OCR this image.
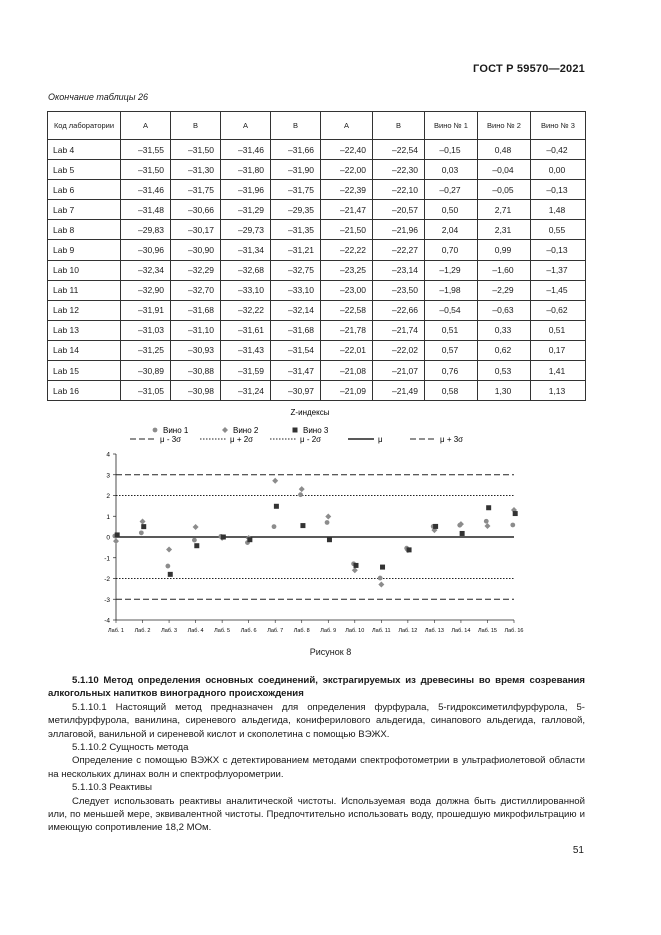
ГОСТ Р 59570—2021
Окончание таблицы 26
Код лаборатории	A	B	A	B	A	B	Вино № 1	Вино № 2	Вино № 3
Lab 4	–31,55	–31,50	–31,46	–31,66	–22,40	–22,54	–0,15	0,48	–0,42
Lab 5	–31,50	–31,30	–31,80	–31,90	–22,00	–22,30	0,03	–0,04	0,00
Lab 6	–31,46	–31,75	–31,96	–31,75	–22,39	–22,10	–0,27	–0,05	–0,13
Lab 7	–31,48	–30,66	–31,29	–29,35	–21,47	–20,57	0,50	2,71	1,48
Lab 8	–29,83	–30,17	–29,73	–31,35	–21,50	–21,96	2,04	2,31	0,55
Lab 9	–30,96	–30,90	–31,34	–31,21	–22,22	–22,27	0,70	0,99	–0,13
Lab 10	–32,34	–32,29	–32,68	–32,75	–23,25	–23,14	–1,29	–1,60	–1,37
Lab 11	–32,90	–32,70	–33,10	–33,10	–23,00	–23,50	–1,98	–2,29	–1,45
Lab 12	–31,91	–31,68	–32,22	–32,14	–22,58	–22,66	–0,54	–0,63	–0,62
Lab 13	–31,03	–31,10	–31,61	–31,68	–21,78	–21,74	0,51	0,33	0,51
Lab 14	–31,25	–30,93	–31,43	–31,54	–22,01	–22,02	0,57	0,62	0,17
Lab 15	–30,89	–30,88	–31,59	–31,47	–21,08	–21,07	0,76	0,53	1,41
Lab 16	–31,05	–30,98	–31,24	–30,97	–21,09	–21,49	0,58	1,30	1,13
Z-индексы
Вино 1	Вино 2	Вино 3
μ - 3σ	μ + 2σ	μ - 2σ	μ	μ + 3σ
-4
-3
-2
-1
0
1
2
3
4
Лаб. 1 Лаб. 2 Лаб. 3 Лаб. 4 Лаб. 5 Лаб. 6 Лаб. 7 Лаб. 8 Лаб. 9 Лаб. 10 Лаб. 11 Лаб. 12 Лаб. 13 Лаб. 14 Лаб. 15 Лаб. 16
Рисунок 8

5.1.10 Метод определения основных соединений, экстрагируемых из древесины во время созревания алкогольных напитков виноградного происхождения

5.1.10.1 Настоящий метод предназначен для определения фурфурала, 5-гидроксиметилфурфурола, 5-метилфурфурола, ванилина, сиреневого альдегида, кониферилового альдегида, синапового альдегида, галловой, эллаговой, ванильной и сиреневой кислот и скополетина с помощью ВЭЖХ.

5.1.10.2 Сущность метода

Определение с помощью ВЭЖХ с детектированием методами спектрофотометрии в ультрафиолетовой области на нескольких длинах волн и спектрофлуорометрии.

5.1.10.3 Реактивы

Следует использовать реактивы аналитической чистоты. Используемая вода должна быть дистиллированной или, по меньшей мере, эквивалентной чистоты. Предпочтительно использовать воду, прошедшую микрофильтрацию и имеющую сопротивление 18,2 МОм.

51
